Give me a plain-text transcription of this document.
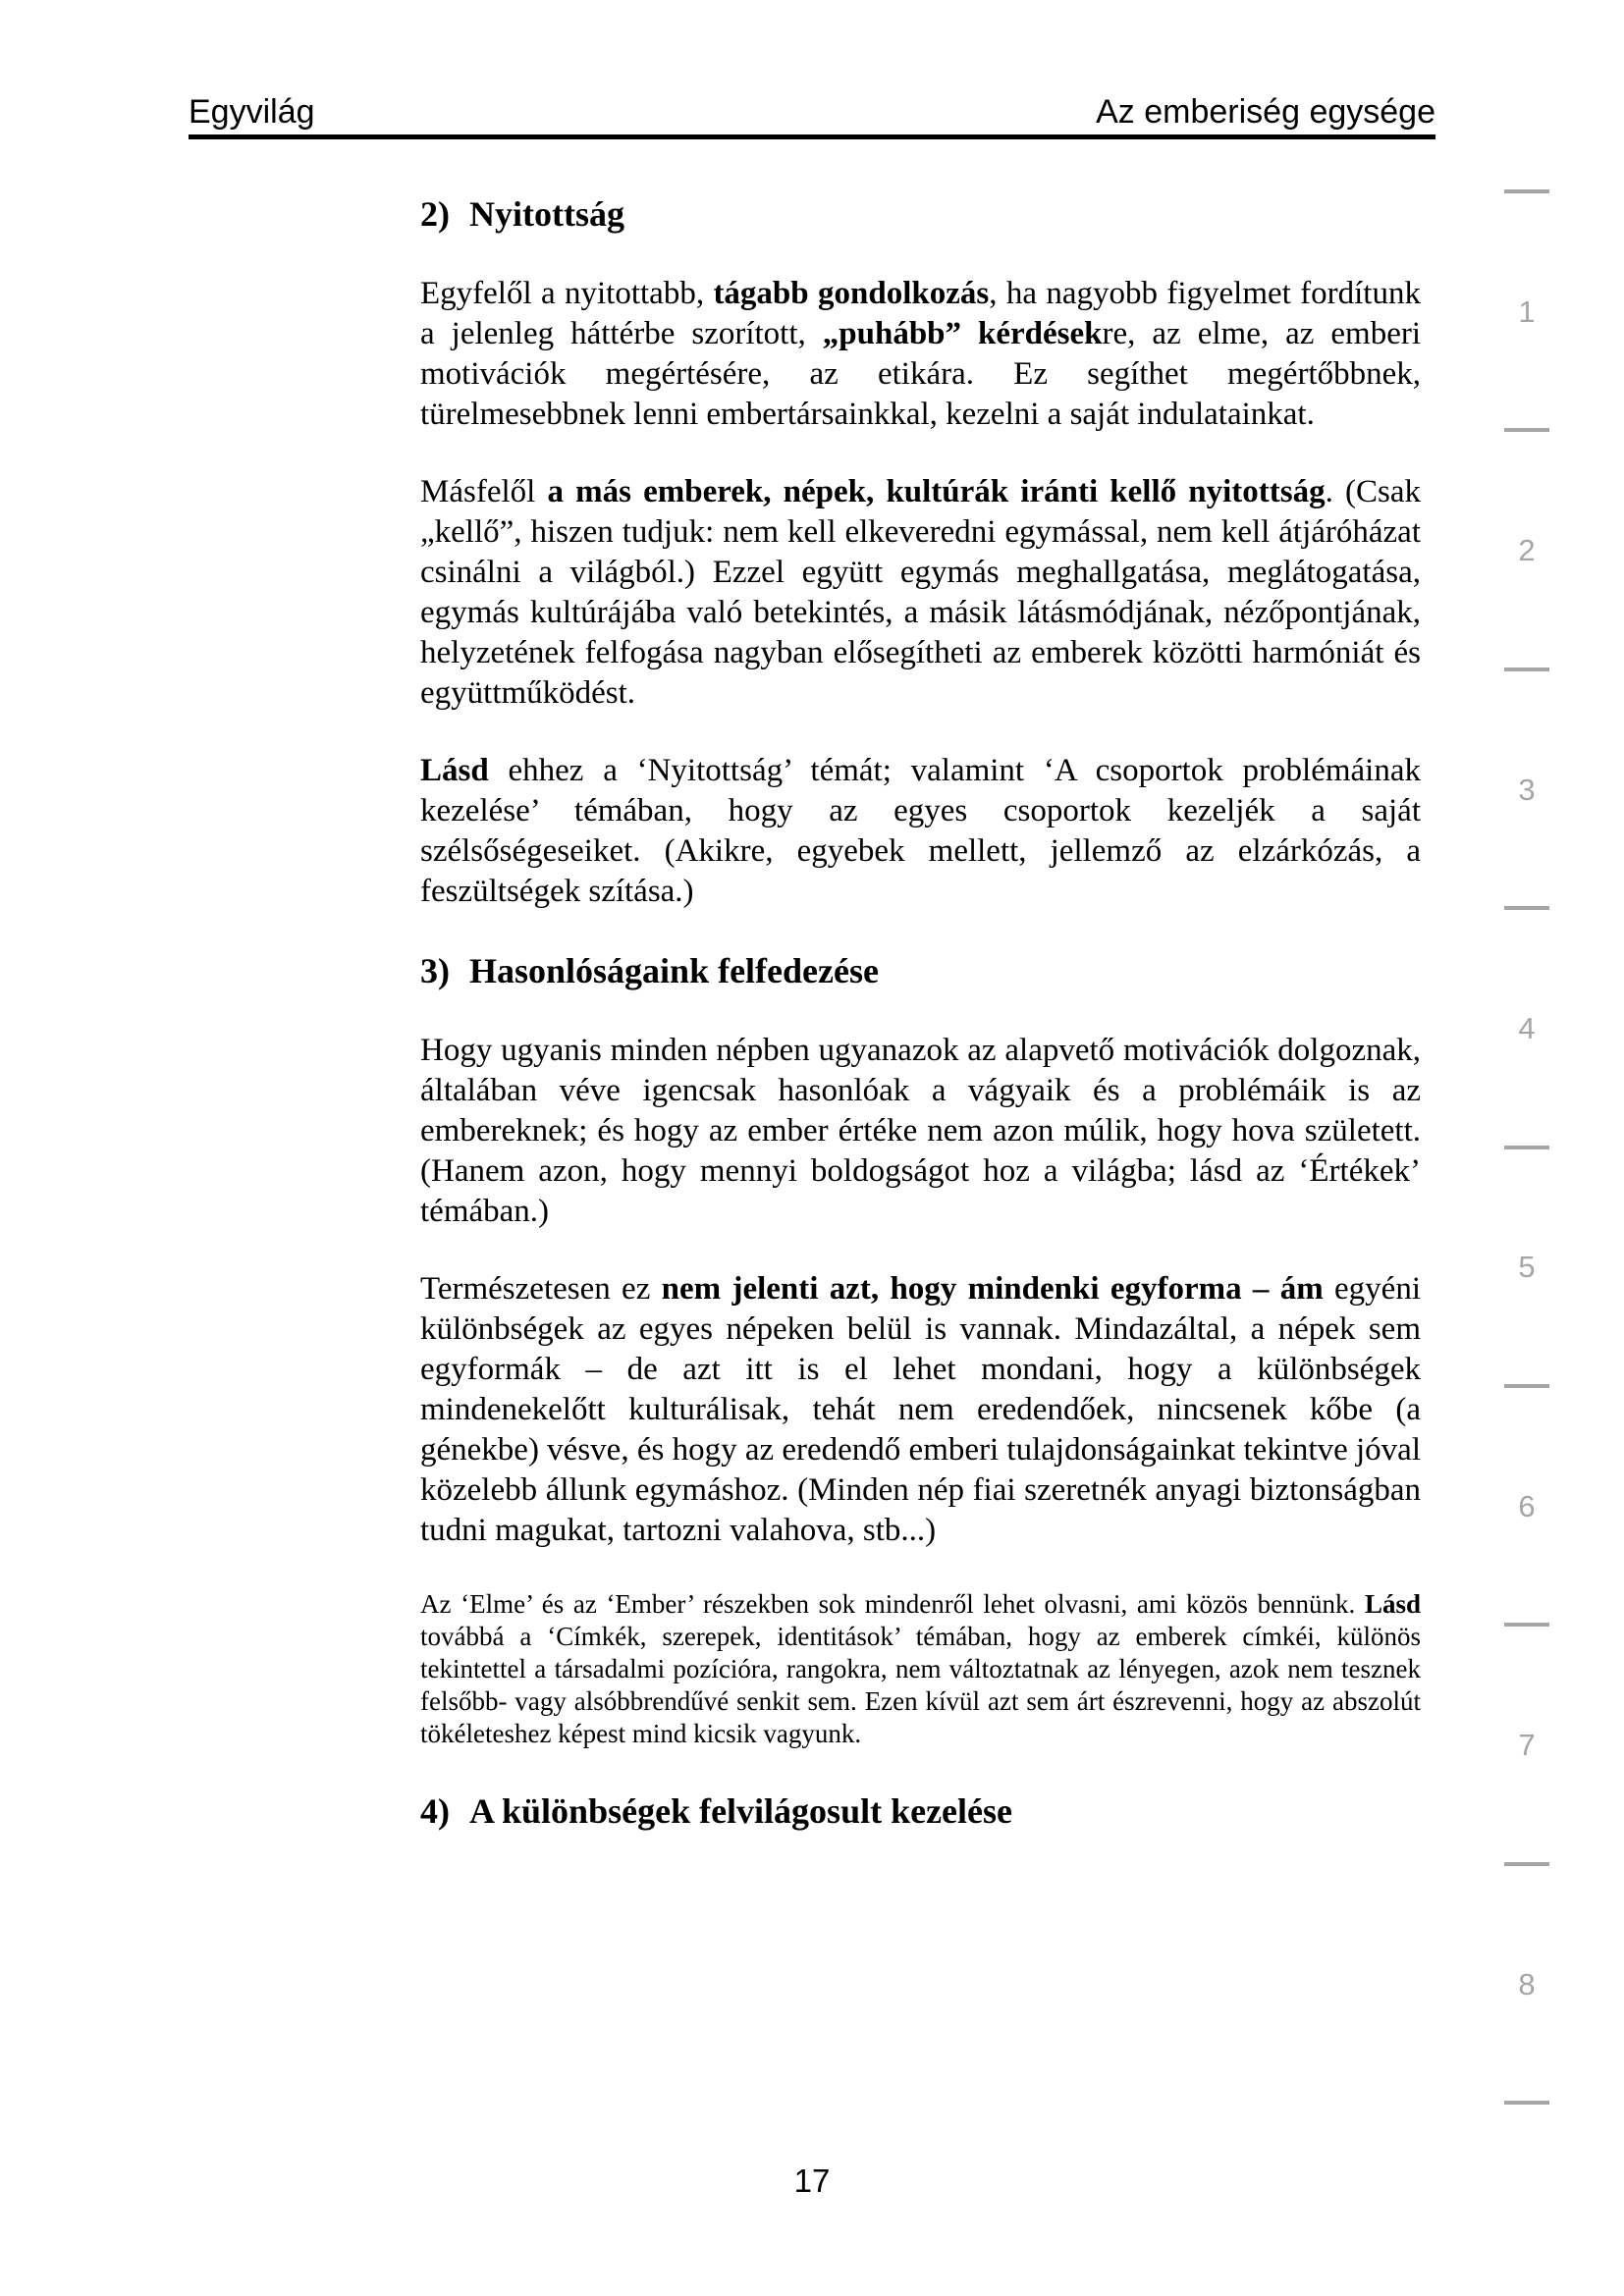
Egyvilág	Az emberiség egysége
2) Nyitottság

Egyfelől a nyitottabb, tágabb gondolkozás, ha nagyobb figyelmet fordítunk a jelenleg háttérbe szorított, „puhább” kérdésekre, az elme, az emberi motivációk megértésére, az etikára. Ez segíthet megértőbbnek, türelmesebbnek lenni embertársainkkal, kezelni a saját indulatainkat.

Másfelől a más emberek, népek, kultúrák iránti kellő nyitottság. (Csak „kellő”, hiszen tudjuk: nem kell elkeveredni egymással, nem kell átjáróházat csinálni a világból.) Ezzel együtt egymás meghallgatása, meglátogatása, egymás kultúrájába való betekintés, a másik látásmódjának, nézőpontjának, helyzetének felfogása nagyban elősegítheti az emberek közötti harmóniát és együttműködést.

Lásd ehhez a ‘Nyitottság’ témát; valamint ‘A csoportok problémáinak kezelése’ témában, hogy az egyes csoportok kezeljék a saját szélsőségeseiket. (Akikre, egyebek mellett, jellemző az elzárkózás, a feszültségek szítása.)

3) Hasonlóságaink felfedezése

Hogy ugyanis minden népben ugyanazok az alapvető motivációk dolgoznak, általában véve igencsak hasonlóak a vágyaik és a problémáik is az embereknek; és hogy az ember értéke nem azon múlik, hogy hova született. (Hanem azon, hogy mennyi boldogságot hoz a világba; lásd az ‘Értékek’ témában.)

Természetesen ez nem jelenti azt, hogy mindenki egyforma – ám egyéni különbségek az egyes népeken belül is vannak. Mindazáltal, a népek sem egyformák – de azt itt is el lehet mondani, hogy a különbségek mindenekelőtt kulturálisak, tehát nem eredendőek, nincsenek kőbe (a génekbe) vésve, és hogy az eredendő emberi tulajdonságainkat tekintve jóval közelebb állunk egymáshoz. (Minden nép fiai szeretnék anyagi biztonságban tudni magukat, tartozni valahova, stb...)

Az ‘Elme’ és az ‘Ember’ részekben sok mindenről lehet olvasni, ami közös bennünk. Lásd továbbá a ‘Címkék, szerepek, identitások’ témában, hogy az emberek címkéi, különös tekintettel a társadalmi pozícióra, rangokra, nem változtatnak az lényegen, azok nem tesznek felsőbb- vagy alsóbbrendűvé senkit sem. Ezen kívül azt sem árt észrevenni, hogy az abszolút tökéleteshez képest mind kicsik vagyunk.

4) A különbségek felvilágosult kezelése
1
2
3
4
5
6
7
8
17
